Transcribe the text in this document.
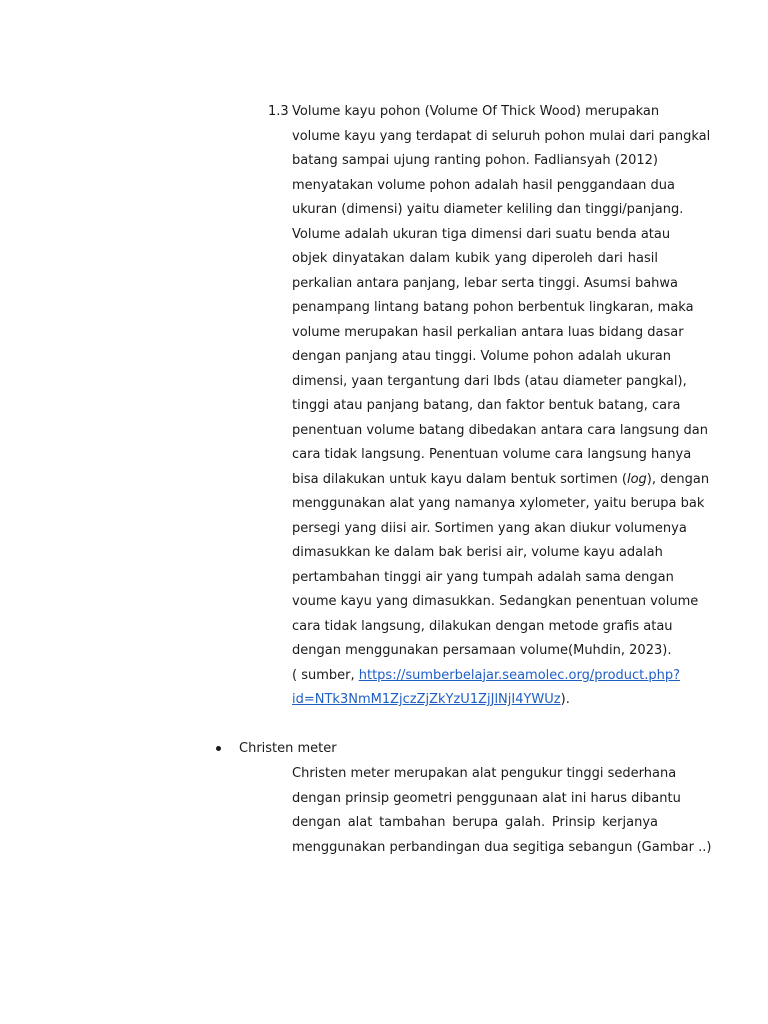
1.3 Volume kayu pohon (Volume Of Thick Wood) merupakan
volume kayu yang terdapat di seluruh pohon mulai dari pangkal
batang sampai ujung ranting pohon. Fadliansyah (2012)
menyatakan volume pohon adalah hasil penggandaan dua
ukuran (dimensi) yaitu diameter keliling dan tinggi/panjang.
Volume adalah ukuran tiga dimensi dari suatu benda atau
objek dinyatakan dalam kubik yang diperoleh dari hasil
perkalian antara panjang, lebar serta tinggi. Asumsi bahwa
penampang lintang batang pohon berbentuk lingkaran, maka
volume merupakan hasil perkalian antara luas bidang dasar
dengan panjang atau tinggi. Volume pohon adalah ukuran
dimensi, yaan tergantung dari lbds (atau diameter pangkal),
tinggi atau panjang batang, dan faktor bentuk batang, cara
penentuan volume batang dibedakan antara cara langsung dan
cara tidak langsung. Penentuan volume cara langsung hanya
bisa dilakukan untuk kayu dalam bentuk sortimen (log), dengan
menggunakan alat yang namanya xylometer, yaitu berupa bak
persegi yang diisi air. Sortimen yang akan diukur volumenya
dimasukkan ke dalam bak berisi air, volume kayu adalah
pertambahan tinggi air yang tumpah adalah sama dengan
voume kayu yang dimasukkan. Sedangkan penentuan volume
cara tidak langsung, dilakukan dengan metode grafis atau
dengan menggunakan persamaan volume(Muhdin, 2023).
( sumber, https://sumberbelajar.seamolec.org/product.php?
id=NTk3NmM1ZjczZjZkYzU1ZjJlNjI4YWUz).
Christen meter
Christen meter merupakan alat pengukur tinggi sederhana
dengan prinsip geometri penggunaan alat ini harus dibantu
dengan alat tambahan berupa galah. Prinsip kerjanya
menggunakan perbandingan dua segitiga sebangun (Gambar ..)
